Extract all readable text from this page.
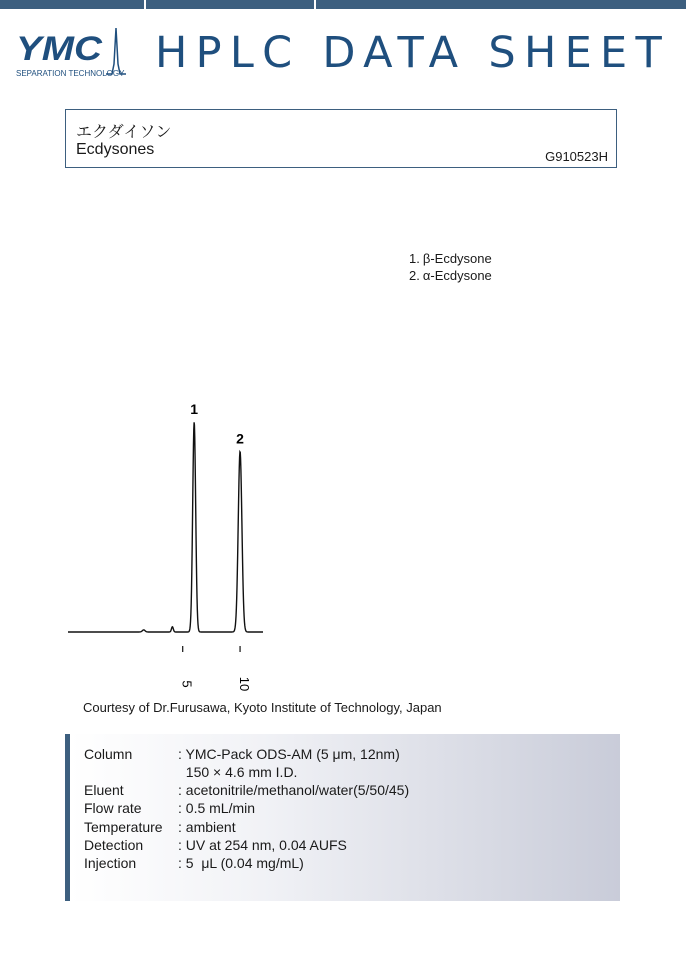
YMC
SEPARATION TECHNOLOGY HPLC DATA SHEET
エクダイソン
Ecdysones	G910523H
1. β-Ecdysone
2. α-Ecdysone
1
2
5	10
Courtesy of Dr.Furusawa, Kyoto Institute of Technology, Japan
Column	: YMC-Pack ODS-AM (5 μm, 12nm)
150 × 4.6 mm I.D.
Eluent	: acetonitrile/methanol/water(5/50/45)
Flow rate	: 0.5 mL/min
Temperature : ambient
Detection : UV at 254 nm, 0.04 AUFS
Injection	: 5  μL (0.04 mg/mL)
